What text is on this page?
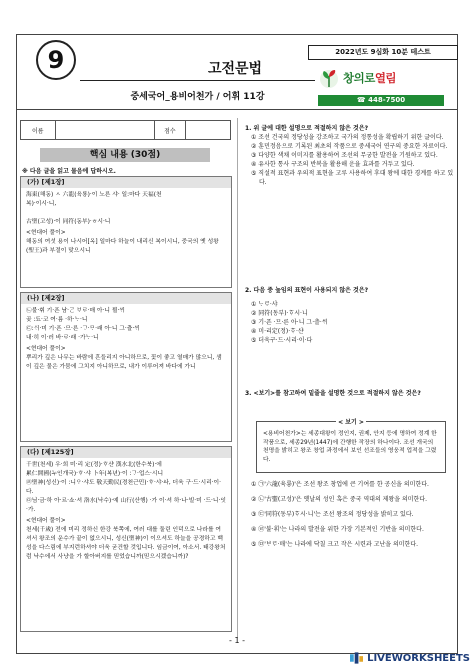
9	고전문법
중세국어_용비어천가 / 어휘 11강
2022년도 9심화 10분 테스트
창의로열림
☎ 448-7500
이름	점수
핵심 내용 (30점)
※ 다음 글을 읽고 물음에 답하시오.
(가) [제1장]

海東(해동) ㅅ 六龍(육룡)·이 노른 샤· 일:마다 天福(천

복)·이시·니,

古聖(고성)·이 同符(동부)·ㅎ시·니

<현대어 풀이>

해동의 여섯 용이 나시어[옥] 일마다 하늘이 내리신 복이시니, 중국의 옛 성왕(聖王)과 부절이 맞으시니

(나) [제2장]

㉡불·휘 기·픈 남·ᄀᆞᆫ ᄇᆞᄅᆞ·매 아·니 뮐·ᄊᆡ

곶 :됴·코 여·름 ·하·ᄂᆞ·니

㉢:ᄉᆡ·미 기·픈 ·므·른 ·ᄀᆞ·ᄆᆞ·래 아·니 그·츨·ᄊᆡ

내·히 이·러 바·ᄅᆞ·래 ·가ᄂᆞ·니

<현대어 풀이>

뿌리가 깊은 나무는 바람에 흔들리지 아니하므로, 꽃이 좋고 열매가 많으니, 샘이 깊은 물은 가뭄에 그치지 아니하므로, 내가 이루어져 바다에 가니

(다) [제125장]

千世(천세) 우·희 미·리 定(정)·ᄒᆞ샨 漢水北(한수북)·에

累仁開國(누인개국)·ᄒᆞ·샤 卜年(복년)·이 :ᄀᆞ·업스·시니

㉣聖神(성신)·이 :니ᄋᆞ·샤도 敬天勤民(경천근민)·ᄒᆞ·샤·ᅀᅡ, 더욱 구·드·시리·이·다.

㉤님·금·하 아·르·쇼·셔 洛水(낙수)·예 山行(산행) ·가 이·셔 하·나·빌·미 ·드·니·잇·가.

<현대어 풀이>

천세(千歲) 전에 미리 정하신 한강 북쪽에, 여러 대를 둘린 인덕으로 나라를 여셔서 왕조의 운수가 끝이 없으시니, 성신(聖神)이 이으셔도 하늘을 공경하고 백성을 다스림에 부지런하셔야 더욱 굳건할 것입니다. 임금이여, 아소서. 태강왕처럼 낙수에서 사냥을 가 할아버지를 믿었습니까(믿으시겠습니까)?

1. 위 글에 대한 설명으로 적절하지 않은 것은?
① 조선 건국의 정당성을 강조하고 국가의 정통성을 확립하기 위한 글이다.
② 훈민정음으로 기록된 최초의 작품으로 중세국어 연구의 중요한 자료이다.
③ 다양한 색채 이미지를 활용하여 조선의 무궁한 발전을 기원하고 있다.
④ 유사한 통사 구조의 반복을 활용해 운율 효과를 거두고 있다.
⑤ 직설적 표현과 우의적 표현을 고루 사용하여 후대 왕에 대한 경계를 하고 있다.
2. 다음 중 높임의 표현이 사용되지 않은 것은?
① ᄂᆞᄅᆞ·샤
② 同符(동부)·ᄒᆞ시·니
③ 기·픈 ·므·른 아·니 그·츨·ᄊᆡ
④ 미·리定(정)·ᄒᆞ·샨
⑤ 더욱구·드·시리·이·다
3. <보기>를 참고하여 밑줄을 설명한 것으로 적절하지 않은 것은?
<용비어천가>는 세종대왕이 정인지, 권제, 안지 등에 명하여 정계 한 작품으로, 세종29년(1447)에 간행한 작장의 하나이다. 조선 개국의 천명을 밝히고 왕조 창업 과정에서 보인 선조들의 영웅적 업적을 그렸다.
< 보기 >
① ㉠'六龍(육룡)'은 조선 왕조 창업에 큰 기여를 한 공신을 의미한다.
② ㉡'古聖(고성)'은 옛날의 성인 혹은 중국 역대의 제왕을 의미한다.
③ ㉢'同符(동부)ᄒᆞ시·니'는 조선 왕조의 정당성을 밝히고 있다.
④ ㉣'불·휘'는 나라의 발전을 위한 가장 기본적인 기반을 의미한다.
⑤ ㉤'ᄇᆞᄅᆞ·매'는 나라에 닥칠 크고 작은 시련과 고난을 의미한다.
- 1 -
LIVEWORKSHEETS
